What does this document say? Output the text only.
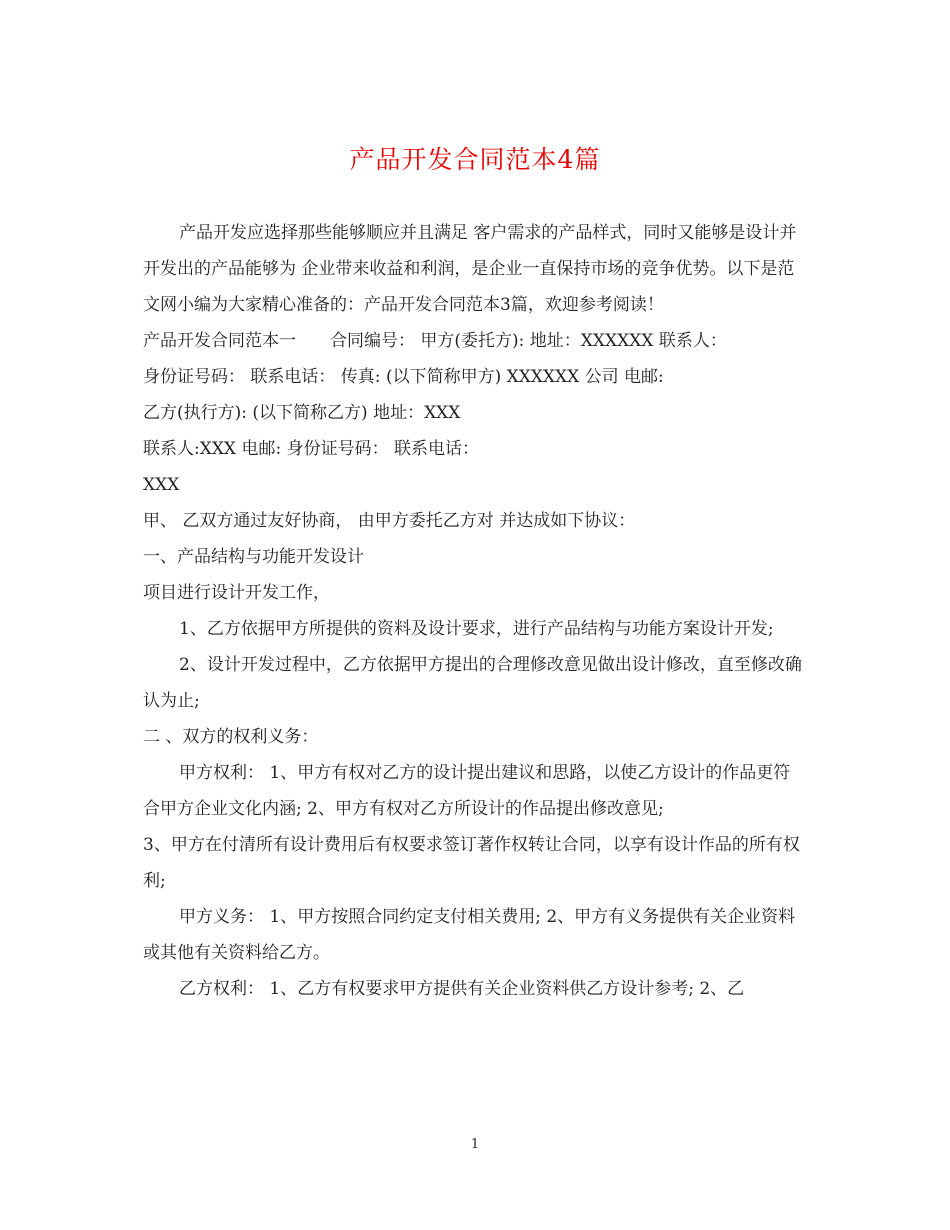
产品开发合同范本4篇

产品开发应选择那些能够顺应并且满足 客户需求的产品样式，同时又能够是设计并开发出的产品能够为 企业带来收益和利润，是企业一直保持市场的竞争优势。以下是范文网小编为大家精心准备的：产品开发合同范本3篇，欢迎参考阅读！

产品开发合同范本一　　合同编号： 甲方(委托方): 地址：XXXXXX 联系人：

身份证号码： 联系电话： 传真: (以下简称甲方) XXXXXX 公司 电邮:

乙方(执行方): (以下简称乙方) 地址：XXX

联系人:XXX 电邮: 身份证号码： 联系电话：

XXX

甲、 乙双方通过友好协商， 由甲方委托乙方对 并达成如下协议：

一、产品结构与功能开发设计

项目进行设计开发工作，

1、乙方依据甲方所提供的资料及设计要求，进行产品结构与功能方案设计开发;

2、设计开发过程中，乙方依据甲方提出的合理修改意见做出设计修改，直至修改确认为止;

二 、双方的权利义务：

甲方权利： 1、甲方有权对乙方的设计提出建议和思路，以使乙方设计的作品更符合甲方企业文化内涵; 2、甲方有权对乙方所设计的作品提出修改意见;

3、甲方在付清所有设计费用后有权要求签订著作权转让合同，以享有设计作品的所有权利;

甲方义务： 1、甲方按照合同约定支付相关费用; 2、甲方有义务提供有关企业资料或其他有关资料给乙方。

乙方权利： 1、乙方有权要求甲方提供有关企业资料供乙方设计参考; 2、乙

1
